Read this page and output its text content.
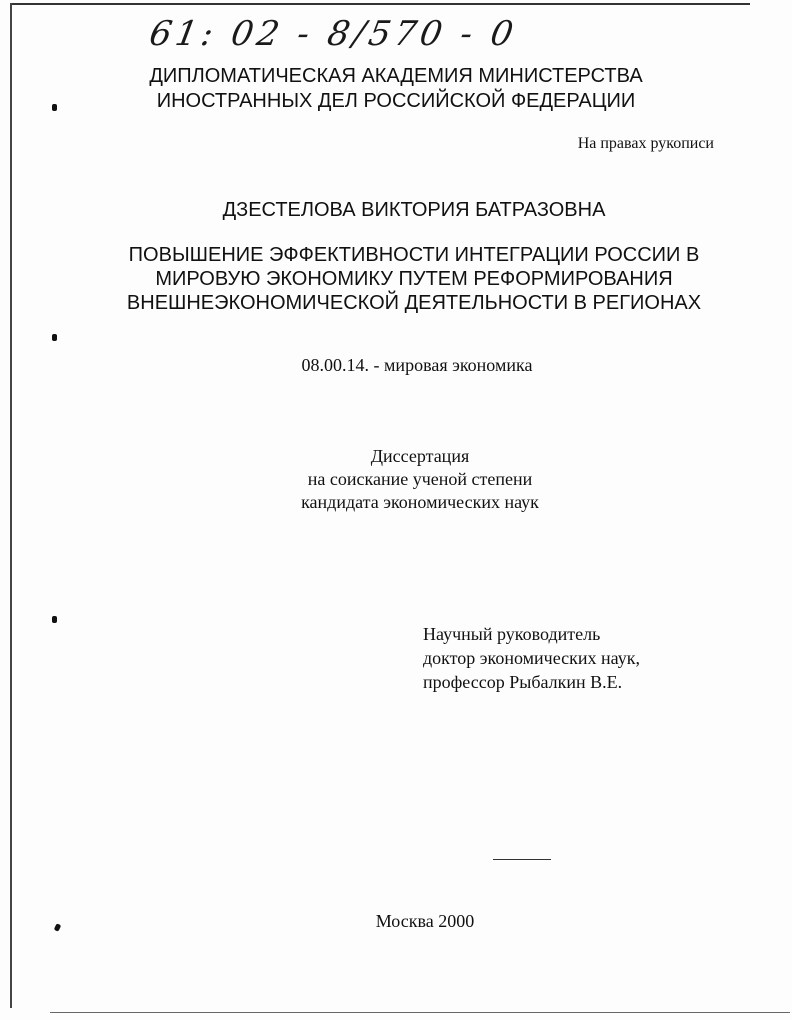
61: 02 - 8/570 - 0
ДИПЛОМАТИЧЕСКАЯ АКАДЕМИЯ МИНИСТЕРСТВА
ИНОСТРАННЫХ ДЕЛ РОССИЙСКОЙ ФЕДЕРАЦИИ
На правах рукописи
ДЗЕСТЕЛОВА ВИКТОРИЯ БАТРАЗОВНА
ПОВЫШЕНИЕ ЭФФЕКТИВНОСТИ ИНТЕГРАЦИИ РОССИИ В
МИРОВУЮ ЭКОНОМИКУ ПУТЕМ РЕФОРМИРОВАНИЯ
ВНЕШНЕЭКОНОМИЧЕСКОЙ ДЕЯТЕЛЬНОСТИ В РЕГИОНАХ
08.00.14. - мировая экономика
Диссертация
на соискание ученой степени
кандидата экономических наук
Научный руководитель
доктор экономических наук,
профессор Рыбалкин В.Е.
Москва 2000
